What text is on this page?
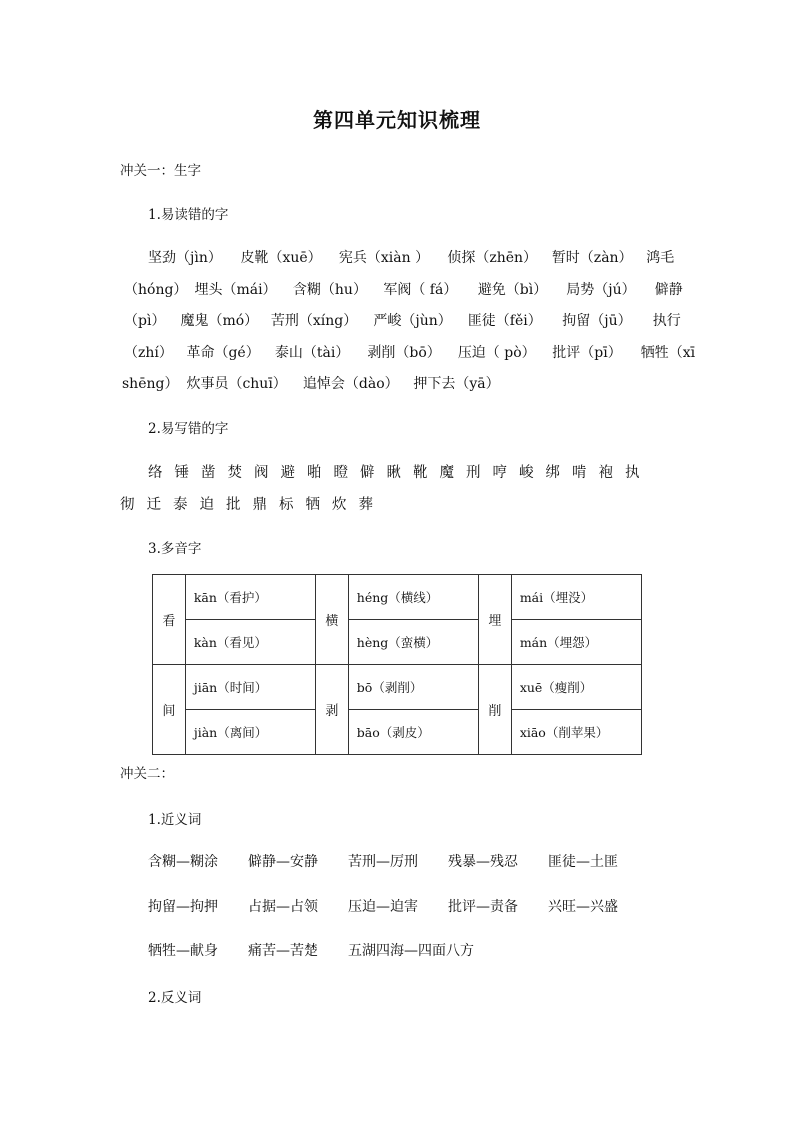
第四单元知识梳理
冲关一：生字
1.易读错的字
坚劲（jìn） 皮靴（xuē） 宪兵（xiàn ） 侦探（zhēn） 暂时（zàn） 鸿毛
（hóng） 埋头（mái） 含糊（hu） 军阀（ fá） 避免（bì） 局势（jú） 僻静
（pì） 魔鬼（mó） 苦刑（xíng） 严峻（jùn） 匪徒（fěi） 拘留（jū） 执行
（zhí） 革命（gé） 泰山（tài） 剥削（bō） 压迫（ pò） 批评（pī） 牺牲（xī
shēng） 炊事员（chuī） 追悼会（dào） 押下去（yā）
2.易写错的字
络 锤 凿 焚 阀 避 啪 瞪 僻 瞅 靴 魔 刑 哼 峻 绑 啃 袍 执
彻 迁 泰 迫 批 鼎 标 牺 炊 葬
3.多音字
看	kān（看护）	横	héng（横线）	埋	mái（埋没）
	kàn（看见）		hèng（蛮横）		mán（埋怨）
间	jiān（时间）	剥	bō（剥削）	削	xuē（瘦削）
	jiàn（离间）		bāo（剥皮）		xiāo（削苹果）
冲关二：
1.近义词
含糊—糊涂 僻静—安静 苦刑—厉刑 残暴—残忍 匪徒—土匪
拘留—拘押 占据—占领 压迫—迫害 批评—责备 兴旺—兴盛
牺牲—献身 痛苦—苦楚 五湖四海—四面八方
2.反义词
